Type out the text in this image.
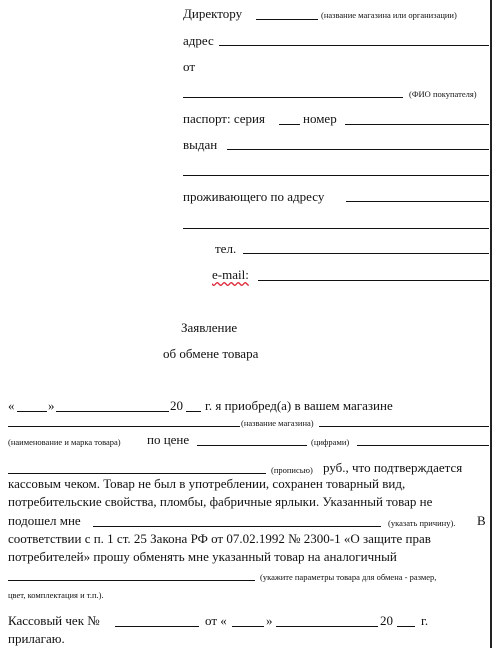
Директору	(название магазина или организации)
адрес
от
(ФИО покупателя)
паспорт: серия	номер
выдан
проживающего по адресу
тел.
e-mail:
Заявление
об обмене товара
«	»	20 г. я приобред(а) в вашем магазине
(название магазина)
(наименование и марка товара) по цене	(цифрами)
(прописью) руб., что подтверждается
кассовым чеком. Товар не был в употреблении, сохранен товарный вид,
потребительские свойства, пломбы, фабричные ярлыки. Указанный товар не
подошел мне	(указать причину). В
соответствии с п. 1 ст. 25 Закона РФ от 07.02.1992 № 2300-1 «О защите прав
потребителей» прошу обменять мне указанный товар на аналогичный
(укажите параметры товара для обмена - размер,
цвет, комплектация и т.п.).
Кассовый чек №	от «	»	20 г.
прилагаю.
